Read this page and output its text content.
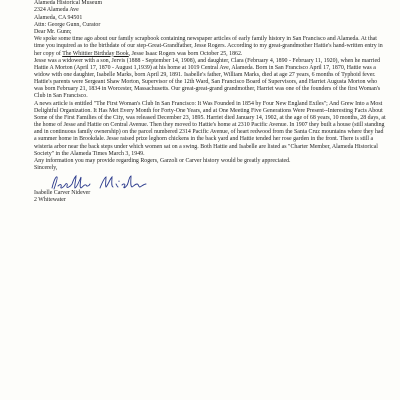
Alameda Historical Museum
2324 Alameda Ave
Alameda, CA 94501

Attn: George Gunn, Curator

Dear Mr. Gunn;

We spoke some time ago about our family scrapbook containing newspaper articles of early family history in San Francisco and Alameda. At that time you inquired as to the birthdate of our step-Great-Grandfather, Jesse Rogers. According to my great-grandmother Hattie's hand-written entry in her copy of The Whittier Birthday Book, Jesse Isaac Rogers was born October 25, 1862.

Jesse was a widower with a son, Jervis (1888 - September 14, 1908), and daughter, Clara (February 4, 1890 - February 11, 1920), when he married Hattie A Morton (April 17, 1870 - August 1,1939) at his home at 1019 Central Ave, Alameda. Born in San Francisco April 17, 1870, Hattie was a widow with one daughter, Isabelle Marks, born April 29, 1891. Isabelle's father, William Marks, died at age 27 years, 6 months of Typhoid fever. Hattie's parents were Sergeant Shaw Morton, Supervisor of the 12th Ward, San Francisco Board of Supervisors, and Harriet Augusta Morton who was born February 21, 1834 in Worcester, Massachusetts. Our great-great-grand grandmother, Harriet was one of the founders of the first Woman's Club in San Francisco.

A news article is entitled "The First Woman's Club In San Francisco: It Was Founded in 1854 by Four New England Exiles"; And Grew Into a Most Delightful Organization. It Has Met Every Month for Forty-One Years, and at One Meeting Five Generations Were Present--Interesting Facts About Some of the First Families of the City, was released December 23, 1895. Harriet died January 14, 1902, at the age of 68 years, 10 months, 28 days, at the home of Jesse and Hattie on Central Avenue. Then they moved to Hattie's home at 2310 Pacific Avenue. In 1907 they built a house (still standing and in continuous family ownership) on the parcel numbered 2314 Pacific Avenue, of heart redwood from the Santa Cruz mountains where they had a summer home in Brookdale. Jesse raised prize leghorn chickens in the back yard and Hattie tended her rose garden in the front. There is still a wisteria arbor near the back steps under which women sat on a swing. Both Hattie and Isabelle are listed as "Charter Member, Alameda Historical Society" in the Alameda Times March 3, 1949.

Any information you may provide regarding Rogers, Garzoli or Carver history would be greatly appreciated.

Sincerely,

Isabelle Carver Nidever

2 Whitewater
